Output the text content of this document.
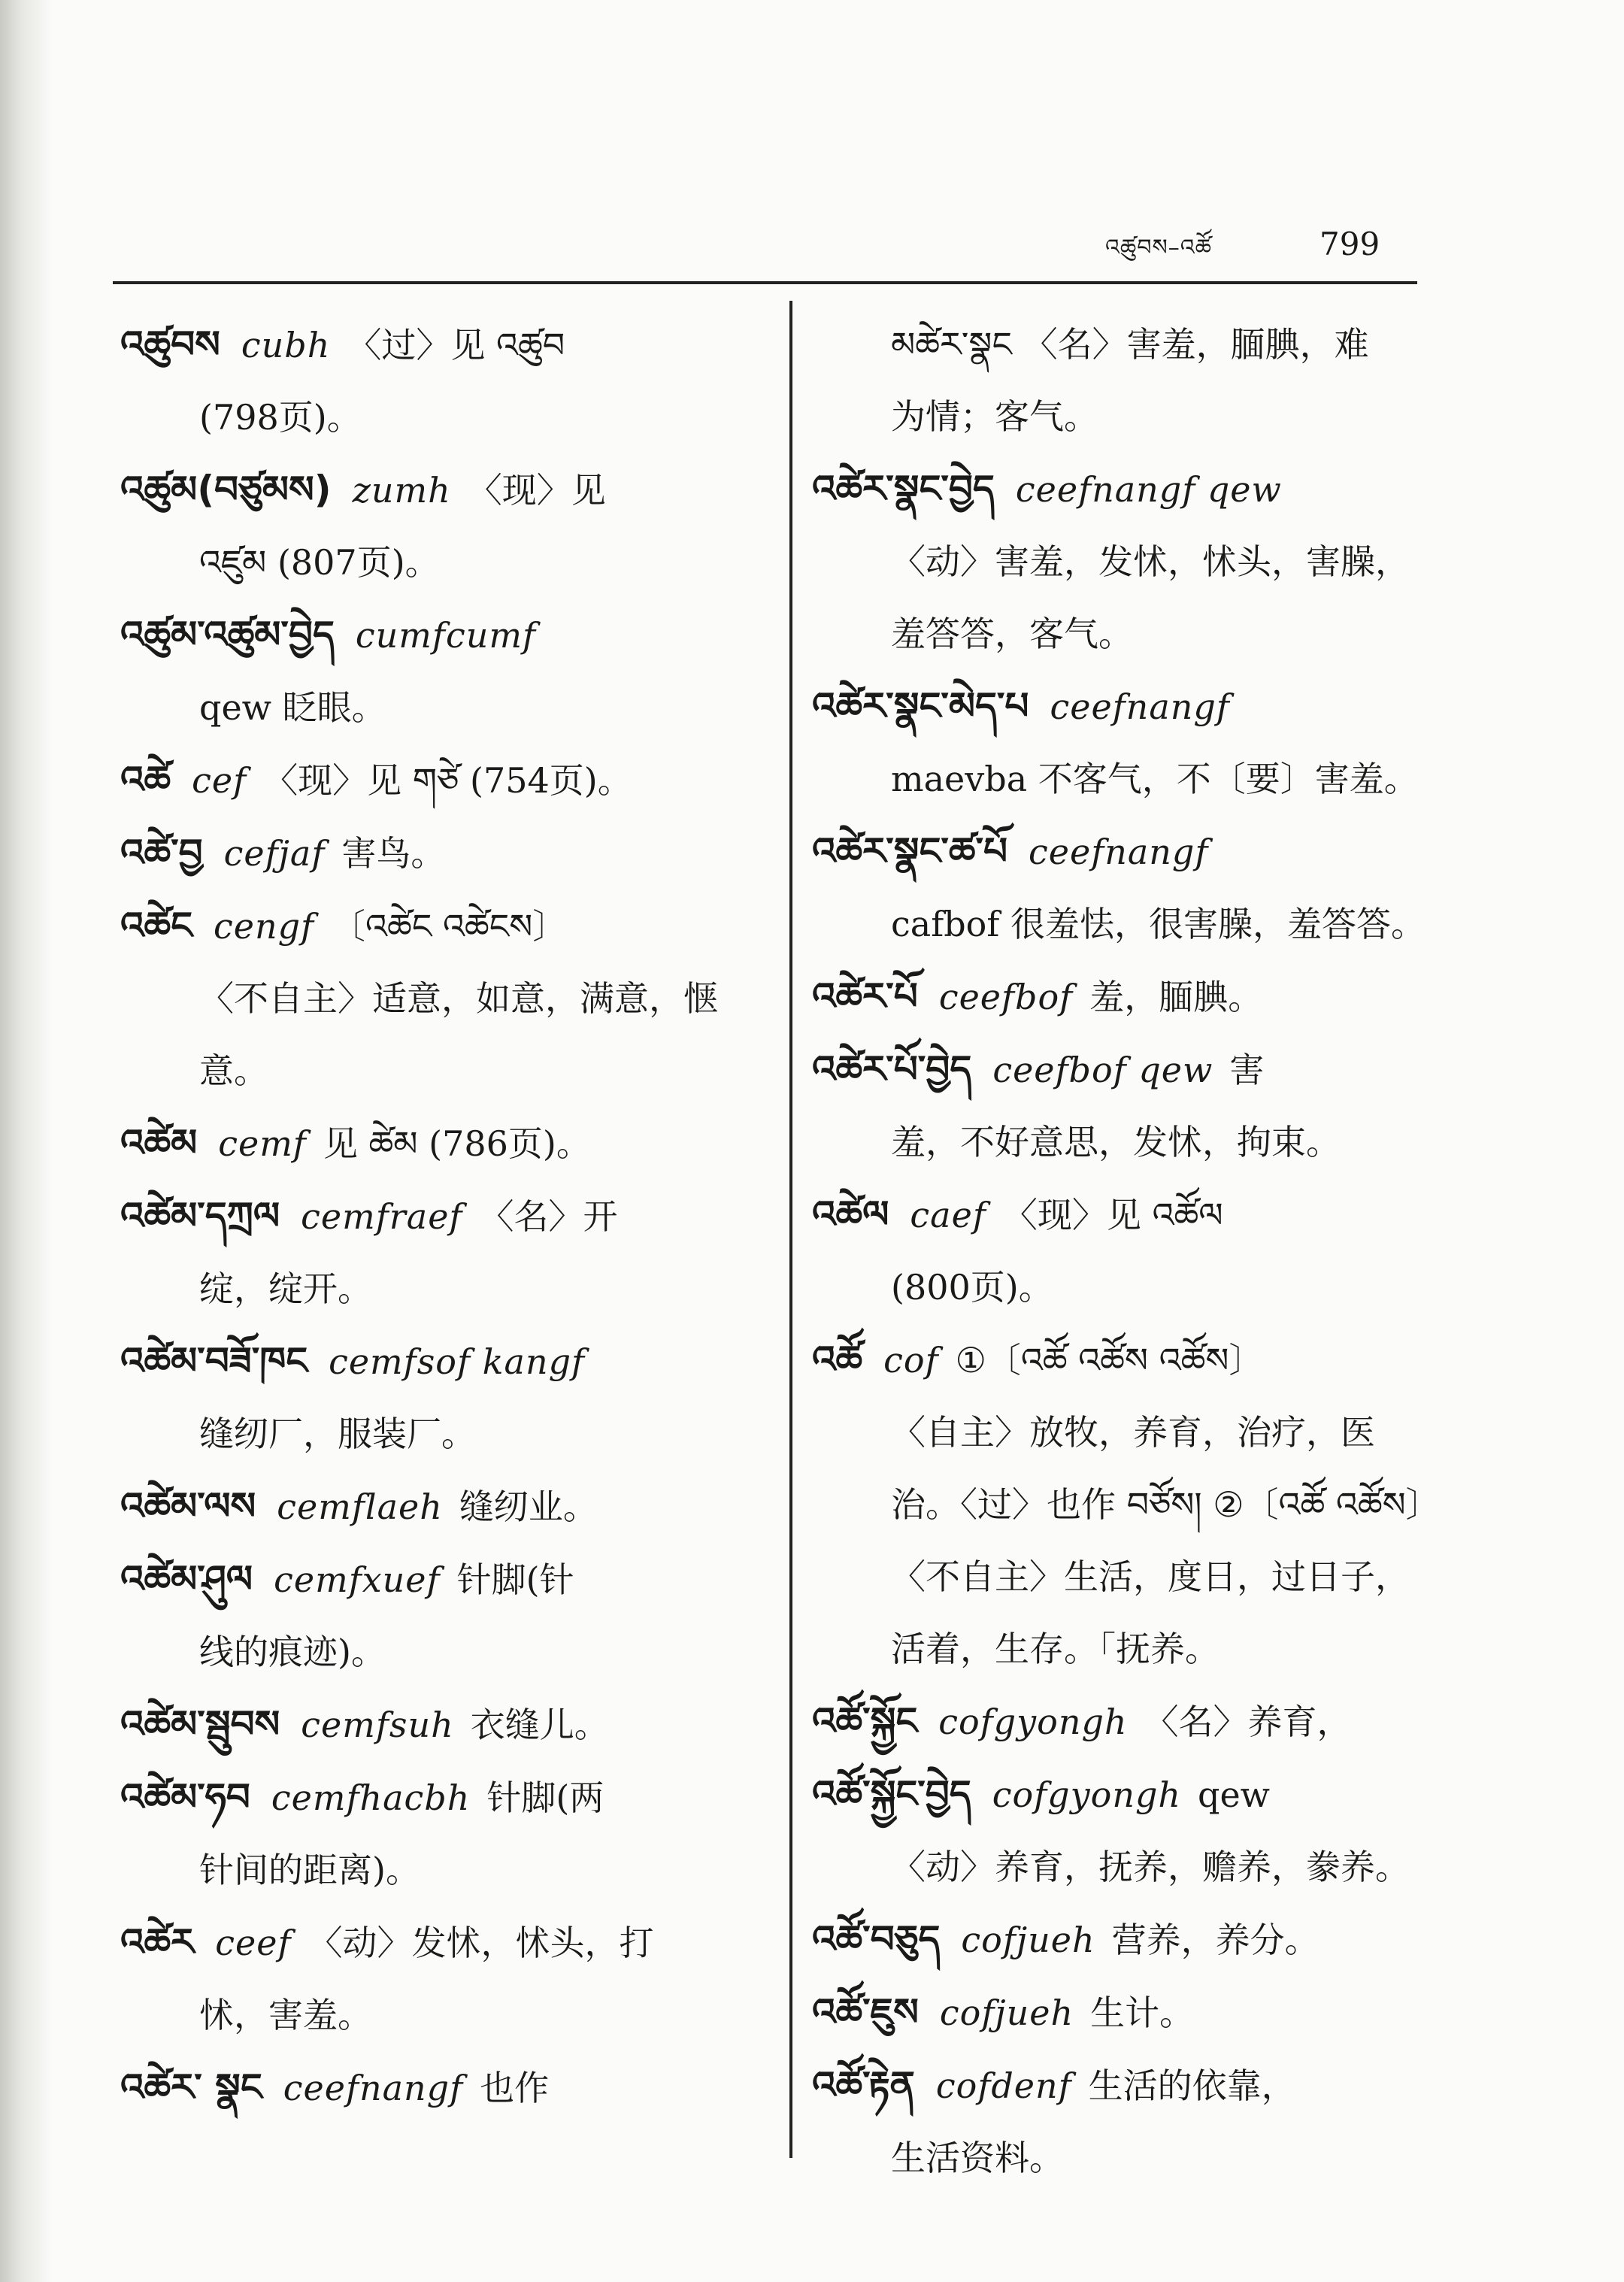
འཚུབས–འཚོ	799

འཚུབས cubh 〈过〉见 འཚུབ
(798页)。

འཚུམ(བཙུམས) zumh 〈现〉见
འཛུམ (807页)。

འཚུམ་འཚུམ་བྱེད cumfcumf
qew 眨眼。

འཚེ cef 〈现〉见 གཙེ (754页)。

འཚེ་བྱ cefjaf 害鸟。

འཚེང cengf 〔འཚེང འཚེངས〕
〈不自主〉适意，如意，满意，惬意。

འཚེམ cemf 见 ཚེམ (786页)。

འཚེམ་དཀྲལ cemfraef 〈名〉开
绽，绽开。

འཚེམ་བཟོ་ཁང cemfsof kangf
缝纫厂，服装厂。

འཚེམ་ལས cemflaeh 缝纫业。

འཚེམ་ཤུལ cemfxuef 针脚(针
线的痕迹)。

འཚེམ་སྦུབས cemfsuh 衣缝儿。

འཚེམ་ཧབ cemfhacbh 针脚(两
针间的距离)。

འཚེར ceef 〈动〉发怵，怵头，打
怵，害羞。

འཚེར་ སྣང ceefnangf 也作

མཚེར་སྣང 〈名〉害羞，腼腆，难
为情；客气。

འཚེར་སྣང་བྱེད ceefnangf qew
〈动〉害羞，发怵，怵头，害臊，羞答答，客气。

འཚེར་སྣང་མེད་པ ceefnangf
maevba 不客气，不〔要〕害羞。

འཚེར་སྣང་ཚ་པོ ceefnangf
cafbof 很羞怯，很害臊，羞答答。

འཚེར་པོ ceefbof 羞，腼腆。

འཚེར་པོ་བྱེད ceefbof qew 害
羞，不好意思，发怵，拘束。

འཚེལ caef 〈现〉见 འཚོལ
(800页)。

འཚོ cof ①〔འཚོ འཚོས འཚོས〕
〈自主〉放牧，养育，治疗，医治。〈过〉也作 བཙོས། ②〔འཚོ འཚོས〕〈不自主〉生活，度日，过日子，活着，生存。「抚养。

འཚོ་སྐྱོང cofgyongh 〈名〉养育，

འཚོ་སྐྱོང་བྱེད cofgyongh qew
〈动〉养育，抚养，赡养，豢养。

འཚོ་བཅུད cofjueh 营养，养分。

འཚོ་ཇུས cofjueh 生计。

འཚོ་རྟེན cofdenf 生活的依靠，
生活资料。
